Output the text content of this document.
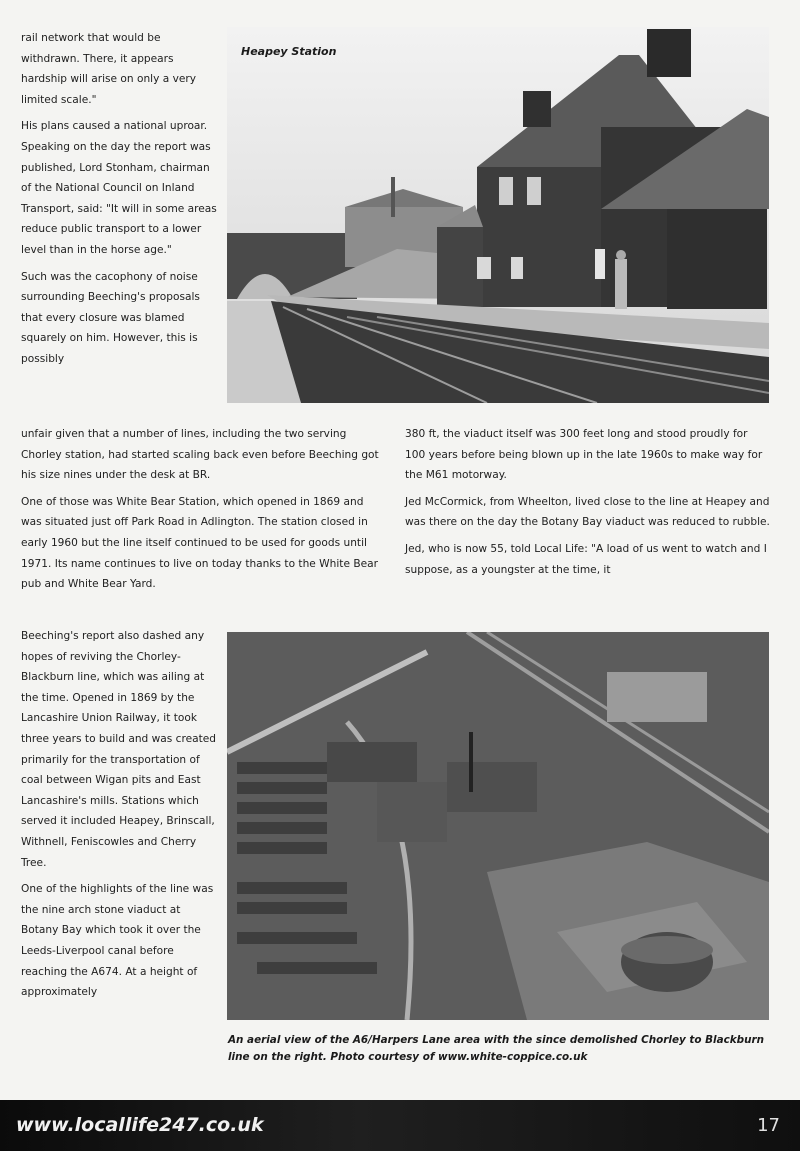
rail network that would be withdrawn. There, it appears hardship will arise on only a very limited scale."

His plans caused a national uproar. Speaking on the day the report was published, Lord Stonham, chairman of the National Council on Inland Transport, said: "It will in some areas reduce public transport to a lower level than in the horse age."

Such was the cacophony of noise surrounding Beeching's proposals that every closure was blamed squarely on him. However, this is possibly

Heapey Station

unfair given that a number of lines, including the two serving Chorley station, had started scaling back even before Beeching got his size nines under the desk at BR.

One of those was White Bear Station, which opened in 1869 and was situated just off Park Road in Adlington. The station closed in early 1960 but the line itself continued to be used for goods until 1971. Its name continues to live on today thanks to the White Bear pub and White Bear Yard.

380 ft, the viaduct itself was 300 feet long and stood proudly for 100 years before being blown up in the late 1960s to make way for the M61 motorway.

Jed McCormick, from Wheelton, lived close to the line at Heapey and was there on the day the Botany Bay viaduct was reduced to rubble.

Jed, who is now 55, told Local Life: "A load of us went to watch and I suppose, as a youngster at the time, it

Beeching's report also dashed any hopes of reviving the Chorley-Blackburn line, which was ailing at the time. Opened in 1869 by the Lancashire Union Railway, it took three years to build and was created primarily for the transportation of coal between Wigan pits and East Lancashire's mills. Stations which served it included Heapey, Brinscall, Withnell, Feniscowles and Cherry Tree.

One of the highlights of the line was the nine arch stone viaduct at Botany Bay which took it over the Leeds-Liverpool canal before reaching the A674. At a height of approximately

An aerial view of the A6/Harpers Lane area with the since demolished Chorley to Blackburn line on the right. Photo courtesy of www.white-coppice.co.uk
www.locallife247.co.uk	17
